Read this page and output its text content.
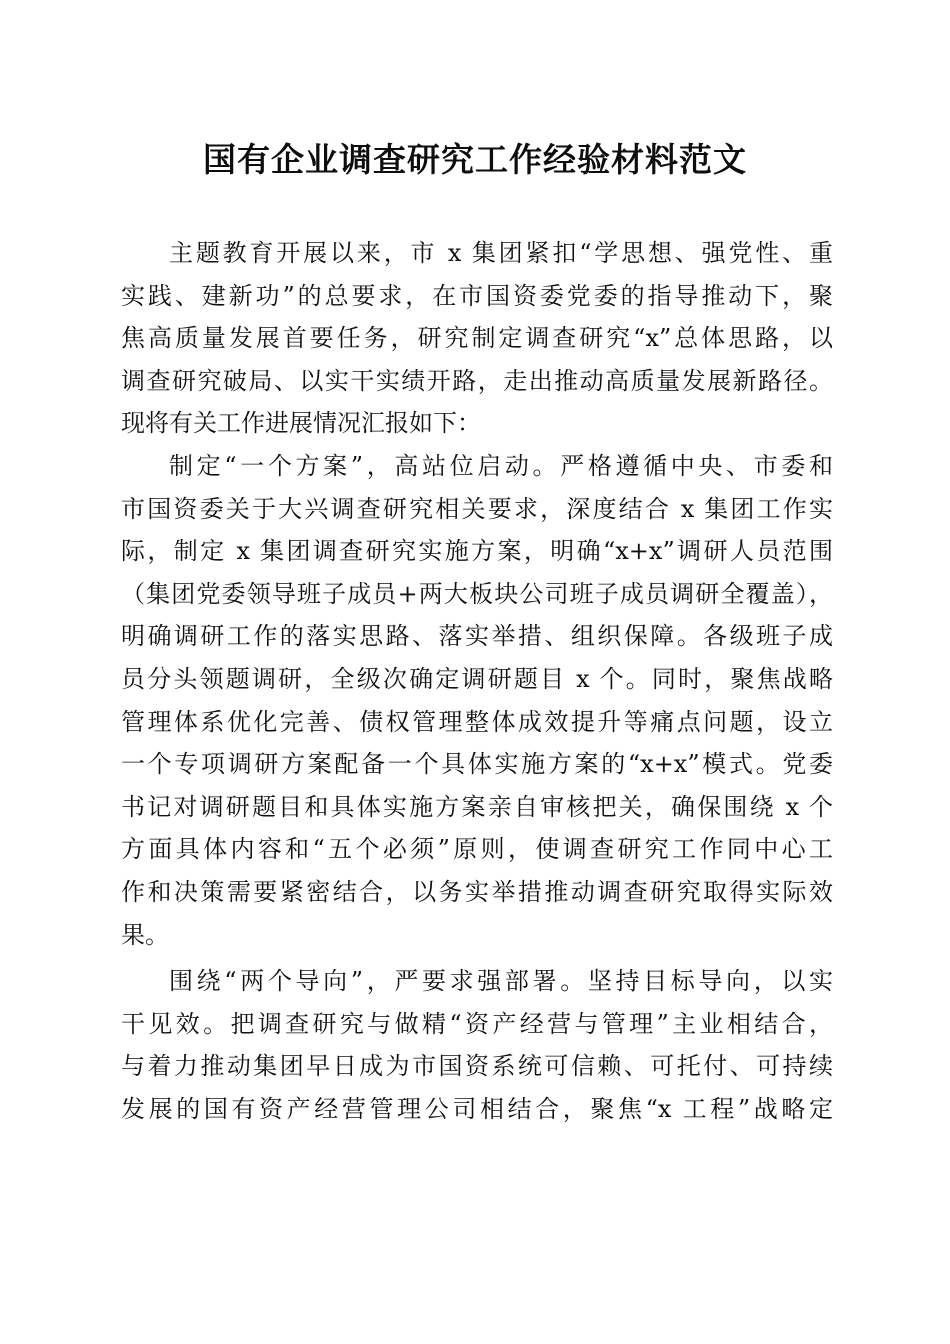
国有企业调查研究工作经验材料范文
主题教育开展以来，市 x 集团紧扣“学思想、强党性、重
实践、建新功”的总要求，在市国资委党委的指导推动下，聚
焦高质量发展首要任务，研究制定调查研究“x”总体思路，以
调查研究破局、以实干实绩开路，走出推动高质量发展新路径。
现将有关工作进展情况汇报如下：
制定“一个方案”，高站位启动。严格遵循中央、市委和
市国资委关于大兴调查研究相关要求，深度结合 x 集团工作实
际，制定 x 集团调查研究实施方案，明确“x+x”调研人员范围
（集团党委领导班子成员+两大板块公司班子成员调研全覆盖），
明确调研工作的落实思路、落实举措、组织保障。各级班子成
员分头领题调研，全级次确定调研题目 x 个。同时，聚焦战略
管理体系优化完善、债权管理整体成效提升等痛点问题，设立
一个专项调研方案配备一个具体实施方案的“x+x”模式。党委
书记对调研题目和具体实施方案亲自审核把关，确保围绕 x 个
方面具体内容和“五个必须”原则，使调查研究工作同中心工
作和决策需要紧密结合，以务实举措推动调查研究取得实际效
果。
围绕“两个导向”，严要求强部署。坚持目标导向，以实
干见效。把调查研究与做精“资产经营与管理”主业相结合，
与着力推动集团早日成为市国资系统可信赖、可托付、可持续
发展的国有资产经营管理公司相结合，聚焦“x 工程”战略定
